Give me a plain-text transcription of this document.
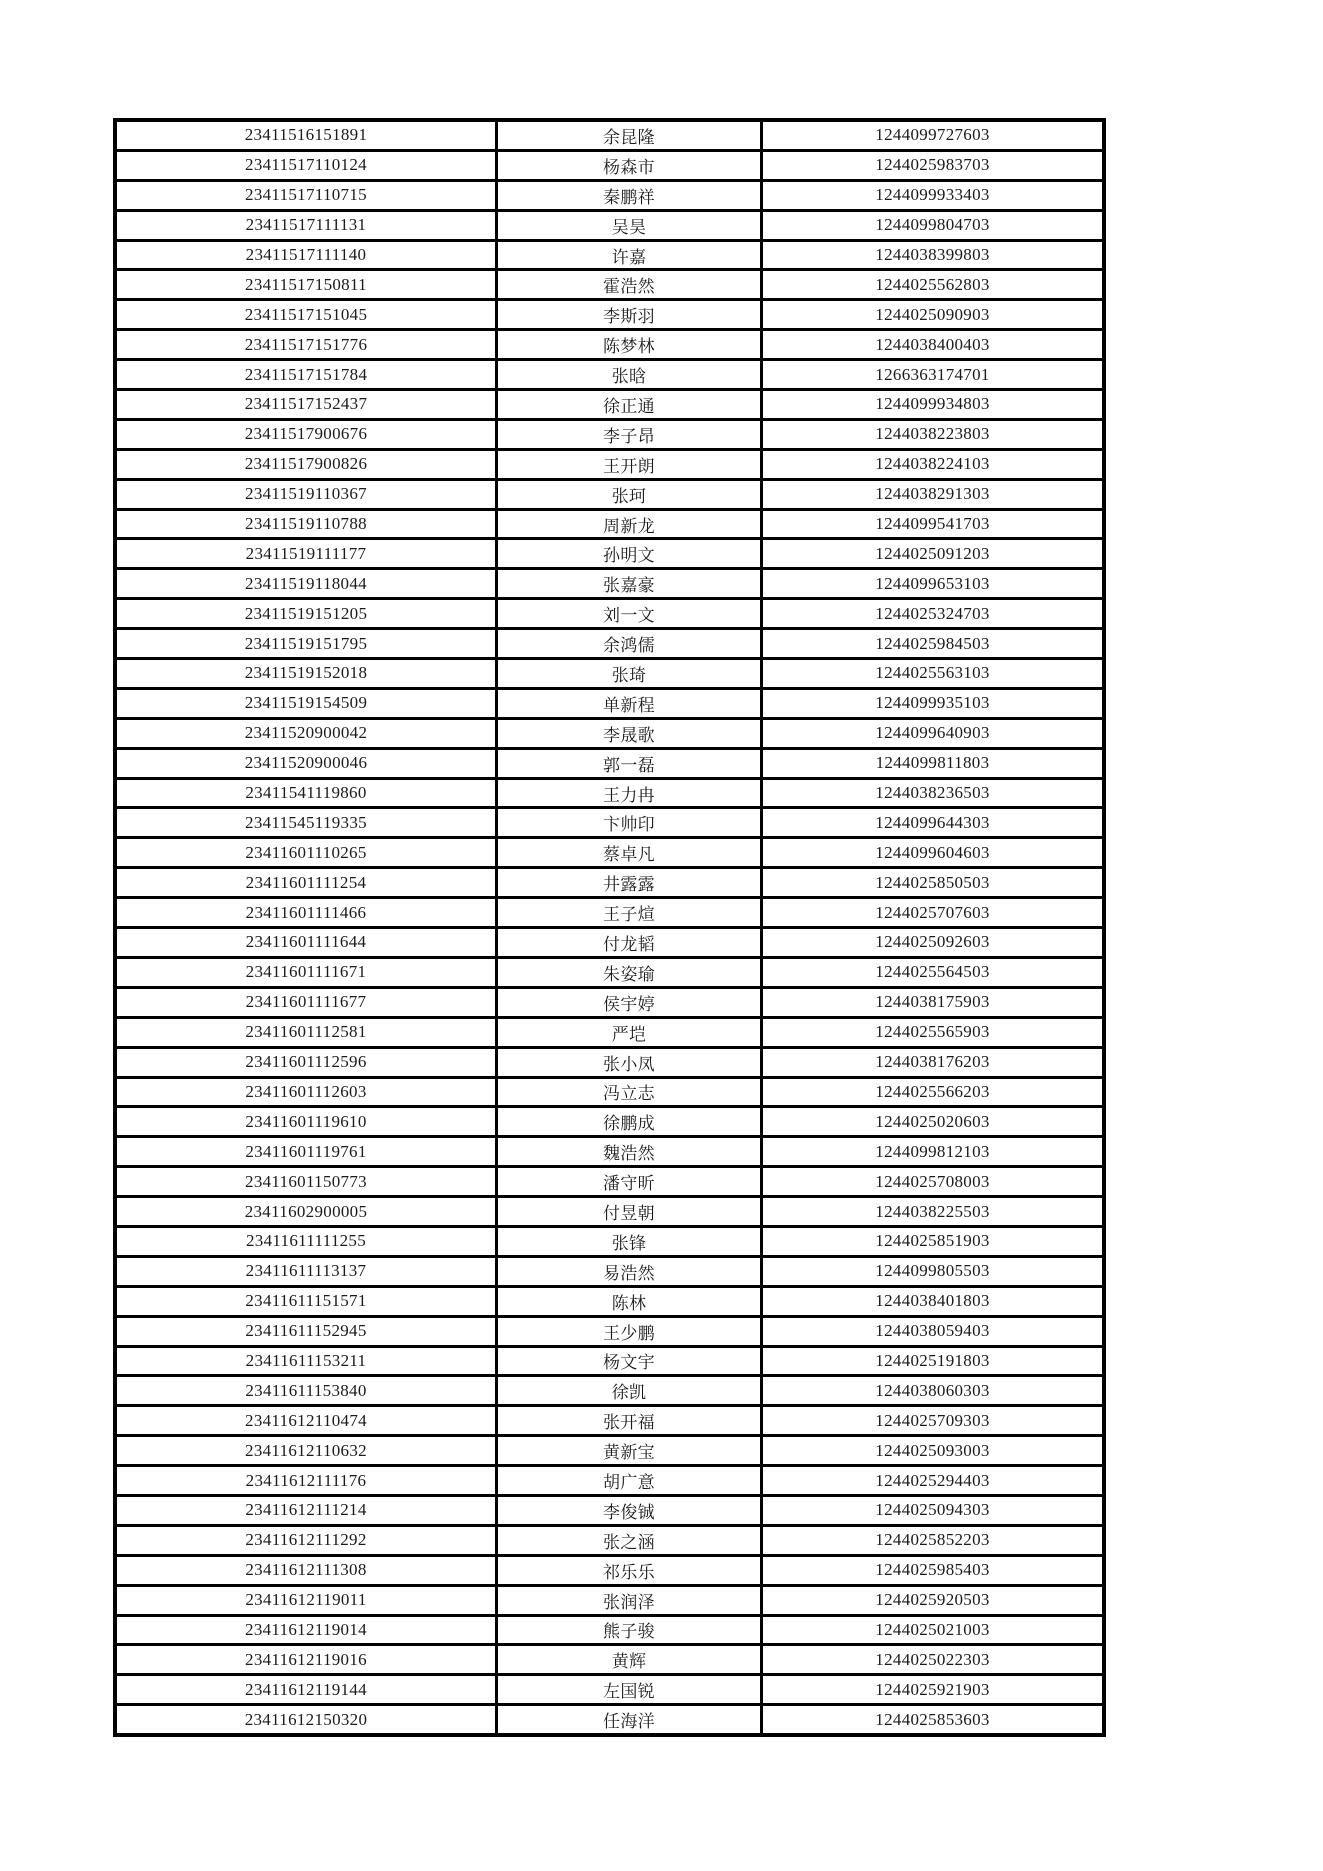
23411516151891	余昆隆	1244099727603
23411517110124	杨森市	1244025983703
23411517110715	秦鹏祥	1244099933403
23411517111131	吴昊	1244099804703
23411517111140	许嘉	1244038399803
23411517150811	霍浩然	1244025562803
23411517151045	李斯羽	1244025090903
23411517151776	陈梦林	1244038400403
23411517151784	张晗	1266363174701
23411517152437	徐正通	1244099934803
23411517900676	李子昂	1244038223803
23411517900826	王开朗	1244038224103
23411519110367	张珂	1244038291303
23411519110788	周新龙	1244099541703
23411519111177	孙明文	1244025091203
23411519118044	张嘉豪	1244099653103
23411519151205	刘一文	1244025324703
23411519151795	余鸿儒	1244025984503
23411519152018	张琦	1244025563103
23411519154509	单新程	1244099935103
23411520900042	李晟歌	1244099640903
23411520900046	郭一磊	1244099811803
23411541119860	王力冉	1244038236503
23411545119335	卞帅印	1244099644303
23411601110265	蔡卓凡	1244099604603
23411601111254	井露露	1244025850503
23411601111466	王子煊	1244025707603
23411601111644	付龙韬	1244025092603
23411601111671	朱姿瑜	1244025564503
23411601111677	侯宇婷	1244038175903
23411601112581	严垲	1244025565903
23411601112596	张小凤	1244038176203
23411601112603	冯立志	1244025566203
23411601119610	徐鹏成	1244025020603
23411601119761	魏浩然	1244099812103
23411601150773	潘守昕	1244025708003
23411602900005	付昱朝	1244038225503
23411611111255	张锋	1244025851903
23411611113137	易浩然	1244099805503
23411611151571	陈林	1244038401803
23411611152945	王少鹏	1244038059403
23411611153211	杨文宇	1244025191803
23411611153840	徐凯	1244038060303
23411612110474	张开福	1244025709303
23411612110632	黄新宝	1244025093003
23411612111176	胡广意	1244025294403
23411612111214	李俊铖	1244025094303
23411612111292	张之涵	1244025852203
23411612111308	祁乐乐	1244025985403
23411612119011	张润泽	1244025920503
23411612119014	熊子骏	1244025021003
23411612119016	黄辉	1244025022303
23411612119144	左国锐	1244025921903
23411612150320	任海洋	1244025853603
